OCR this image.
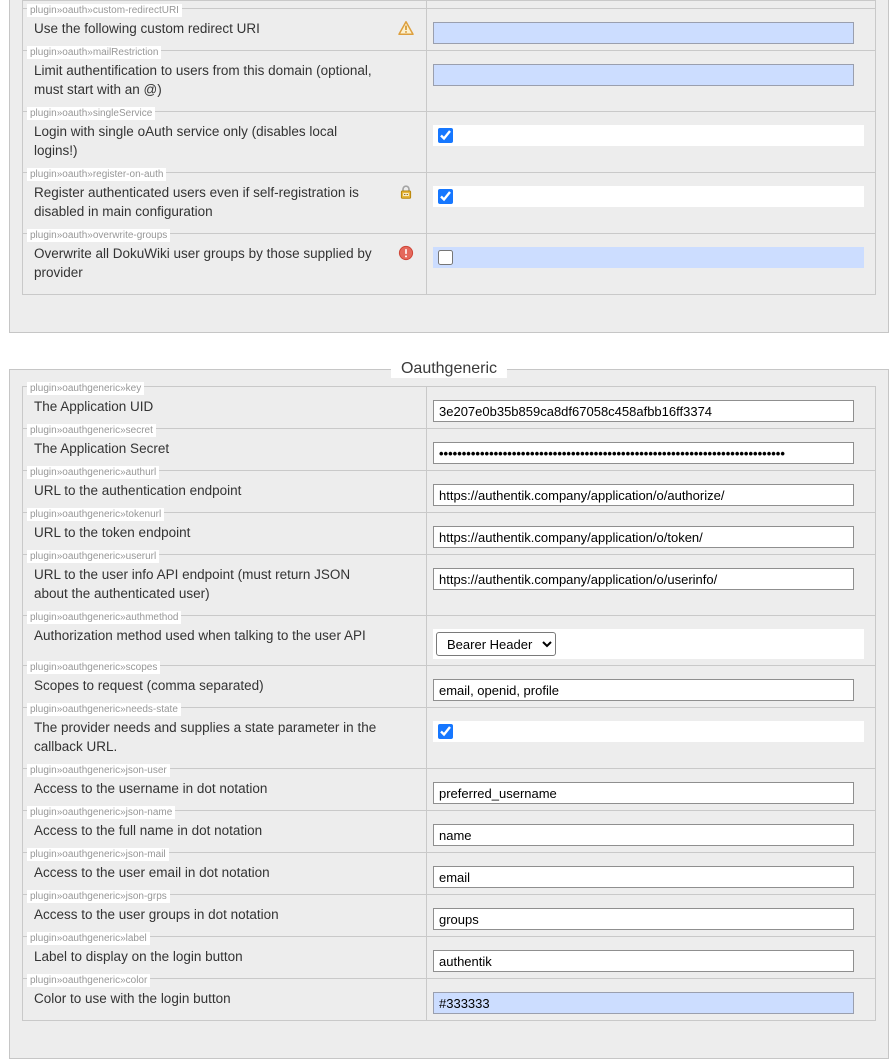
plugin»oauth»custom-redirectURI
Use the following custom redirect URI
plugin»oauth»mailRestriction
Limit authentification to users from this domain (optional, must start with an @)
plugin»oauth»singleService
Login with single oAuth service only (disables local logins!)
plugin»oauth»register-on-auth
Register authenticated users even if self-registration is disabled in main configuration
plugin»oauth»overwrite-groups
Overwrite all DokuWiki user groups by those supplied by provider
Oauthgeneric
plugin»oauthgeneric»key
The Application UID
3e207e0b35b859ca8df67058c458afbb16ff3374
plugin»oauthgeneric»secret
The Application Secret
••••••••••••••••••••••••••••••••••••••••••••••••••••••••••••••••••••••••••••
plugin»oauthgeneric»authurl
URL to the authentication endpoint
https://authentik.company/application/o/authorize/
plugin»oauthgeneric»tokenurl
URL to the token endpoint
https://authentik.company/application/o/token/
plugin»oauthgeneric»userurl
URL to the user info API endpoint (must return JSON about the authenticated user)
https://authentik.company/application/o/userinfo/
plugin»oauthgeneric»authmethod
Authorization method used when talking to the user API
Bearer Header
plugin»oauthgeneric»scopes
Scopes to request (comma separated)
email, openid, profile
plugin»oauthgeneric»needs-state
The provider needs and supplies a state parameter in the callback URL.
plugin»oauthgeneric»json-user
Access to the username in dot notation
preferred_username
plugin»oauthgeneric»json-name
Access to the full name in dot notation
name
plugin»oauthgeneric»json-mail
Access to the user email in dot notation
email
plugin»oauthgeneric»json-grps
Access to the user groups in dot notation
groups
plugin»oauthgeneric»label
Label to display on the login button
authentik
plugin»oauthgeneric»color
Color to use with the login button
#333333
